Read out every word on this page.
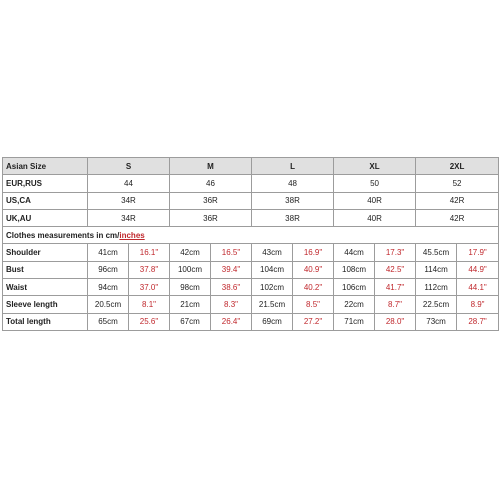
Asian Size	S		M		L		XL		2XL	
EUR,RUS	44		46		48		50		52	
US,CA	34R		36R		38R		40R		42R	
UK,AU	34R		36R		38R		40R		42R	
Clothes measurements in cm/inches										
Shoulder	41cm	16.1"	42cm	16.5"	43cm	16.9"	44cm	17.3"	45.5cm	17.9"
Bust	96cm	37.8"	100cm	39.4"	104cm	40.9"	108cm	42.5"	114cm	44.9"
Waist	94cm	37.0"	98cm	38.6"	102cm	40.2"	106cm	41.7"	112cm	44.1"
Sleeve length	20.5cm	8.1"	21cm	8.3"	21.5cm	8.5"	22cm	8.7"	22.5cm	8.9"
Total length	65cm	25.6"	67cm	26.4"	69cm	27.2"	71cm	28.0"	73cm	28.7"
